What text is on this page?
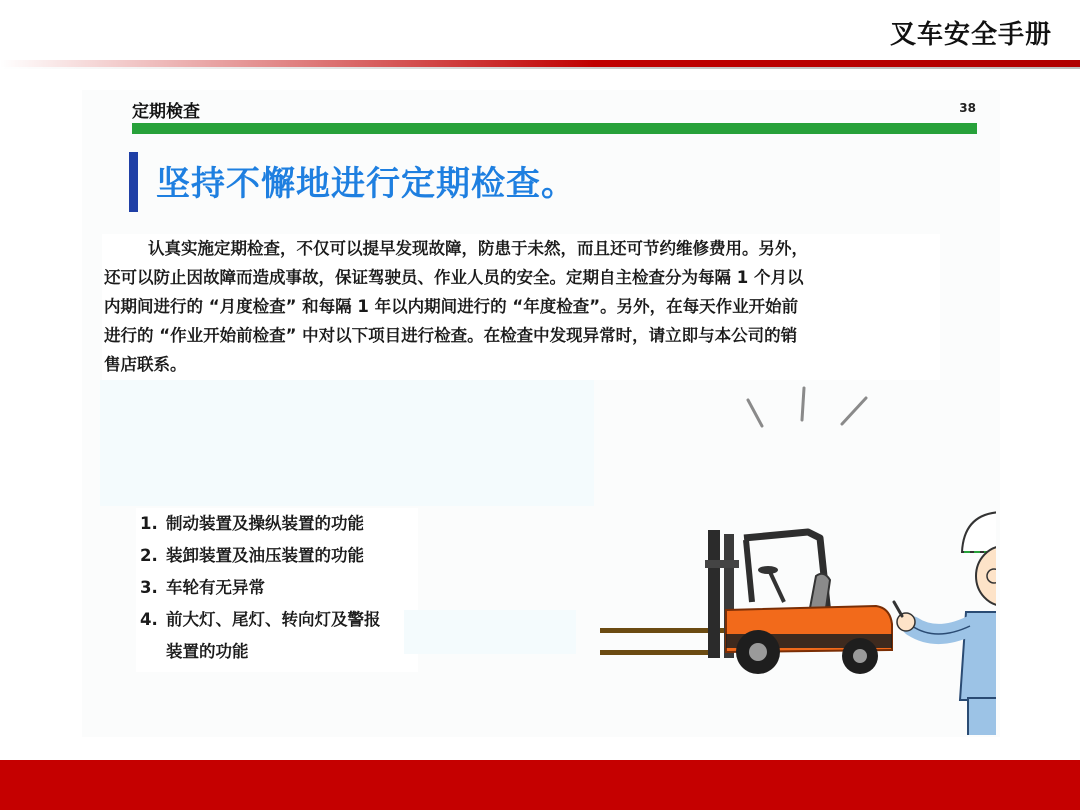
叉车安全手册
定期検査	38
坚持不懈地进行定期检查。
认真实施定期检查，不仅可以提早发现故障，防患于未然，而且还可节约维修费用。另外，
还可以防止因故障而造成事故，保证驾驶员、作业人员的安全。定期自主检查分为每隔 1 个月以
内期间进行的 “月度检查” 和每隔 1 年以内期间进行的 “年度检查”。另外，在每天作业开始前
进行的 “作业开始前检查” 中对以下项目进行检查。在检查中发现异常时，请立即与本公司的销
售店联系。
1. 制动装置及操纵装置的功能
2. 装卸装置及油压装置的功能
3. 车轮有无异常
4. 前大灯、尾灯、转向灯及警报
装置的功能
